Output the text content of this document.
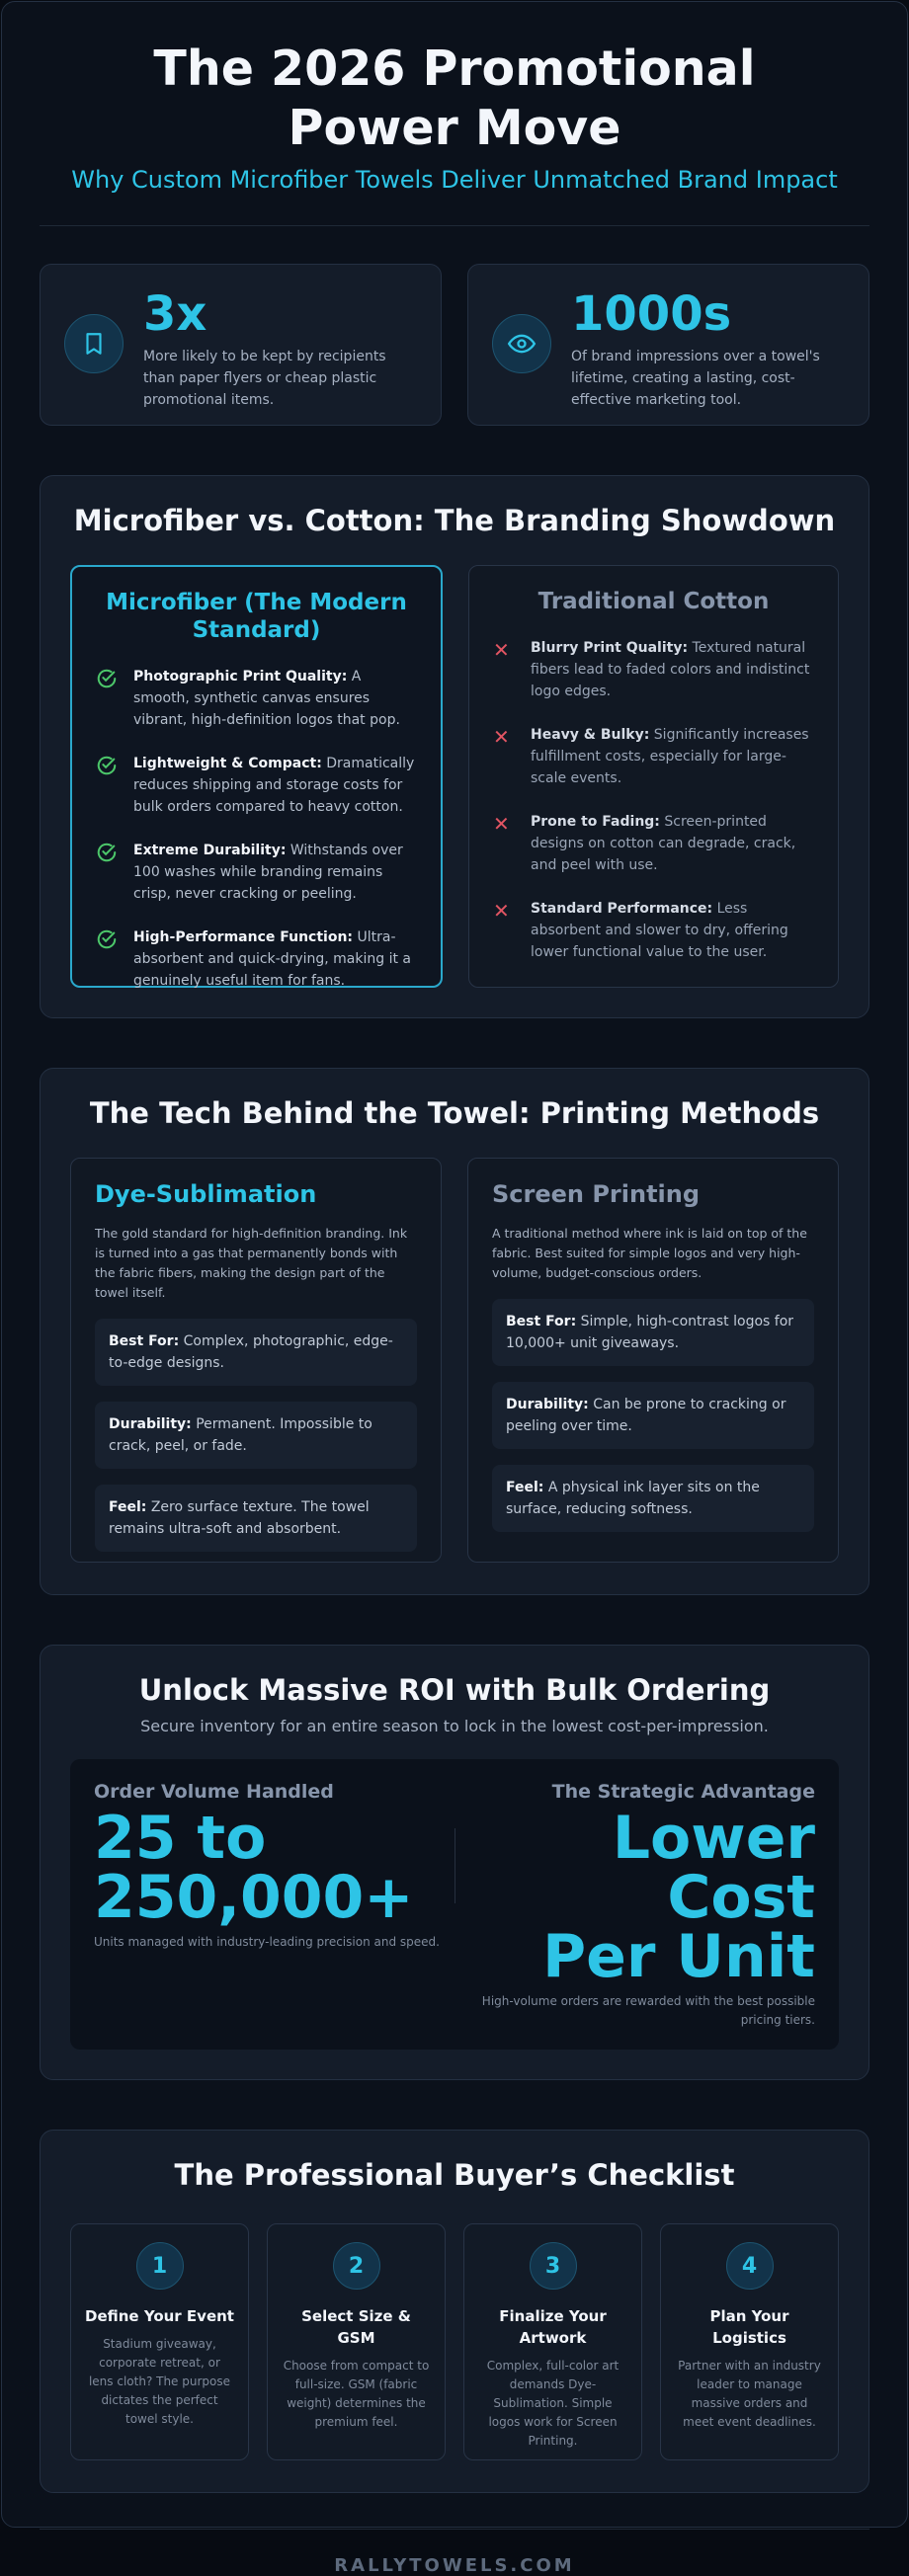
The 2026 Promotional Power Move
Why Custom Microfiber Towels Deliver Unmatched Brand Impact
3x
More likely to be kept by recipients than paper flyers or cheap plastic promotional items.
1000s
Of brand impressions over a towel's lifetime, creating a lasting, cost-effective marketing tool.
Microfiber vs. Cotton: The Branding Showdown
Microfiber (The Modern Standard)
Photographic Print Quality: A smooth, synthetic canvas ensures vibrant, high-definition logos that pop.
Lightweight & Compact: Dramatically reduces shipping and storage costs for bulk orders compared to heavy cotton.
Extreme Durability: Withstands over 100 washes while branding remains crisp, never cracking or peeling.
High-Performance Function: Ultra-absorbent and quick-drying, making it a genuinely useful item for fans.
Traditional Cotton
✕	Blurry Print Quality: Textured natural fibers lead to faded colors and indistinct logo edges.
✕	Heavy & Bulky: Significantly increases fulfillment costs, especially for large-scale events.
✕	Prone to Fading: Screen-printed designs on cotton can degrade, crack, and peel with use.
✕	Standard Performance: Less absorbent and slower to dry, offering lower functional value to the user.
The Tech Behind the Towel: Printing Methods
Dye-Sublimation
The gold standard for high-definition branding. Ink is turned into a gas that permanently bonds with the fabric fibers, making the design part of the towel itself.
Best For: Complex, photographic, edge-to-edge designs.
Durability: Permanent. Impossible to crack, peel, or fade.
Feel: Zero surface texture. The towel remains ultra-soft and absorbent.
Screen Printing
A traditional method where ink is laid on top of the fabric. Best suited for simple logos and very high-volume, budget-conscious orders.
Best For: Simple, high-contrast logos for 10,000+ unit giveaways.
Durability: Can be prone to cracking or peeling over time.
Feel: A physical ink layer sits on the surface, reducing softness.
Unlock Massive ROI with Bulk Ordering
Secure inventory for an entire season to lock in the lowest cost-per-impression.
Order Volume Handled
25 to
250,000+
Units managed with industry-leading precision and speed.
The Strategic Advantage
Lower Cost
Per Unit
High-volume orders are rewarded with the best possible pricing tiers.
The Professional Buyer’s Checklist
1
Define Your Event
Stadium giveaway, corporate retreat, or lens cloth? The purpose dictates the perfect towel style.
2
Select Size & GSM
Choose from compact to full-size. GSM (fabric weight) determines the premium feel.
3
Finalize Your Artwork
Complex, full-color art demands Dye-Sublimation. Simple logos work for Screen Printing.
4
Plan Your Logistics
Partner with an industry leader to manage massive orders and meet event deadlines.
RALLYTOWELS.COM
